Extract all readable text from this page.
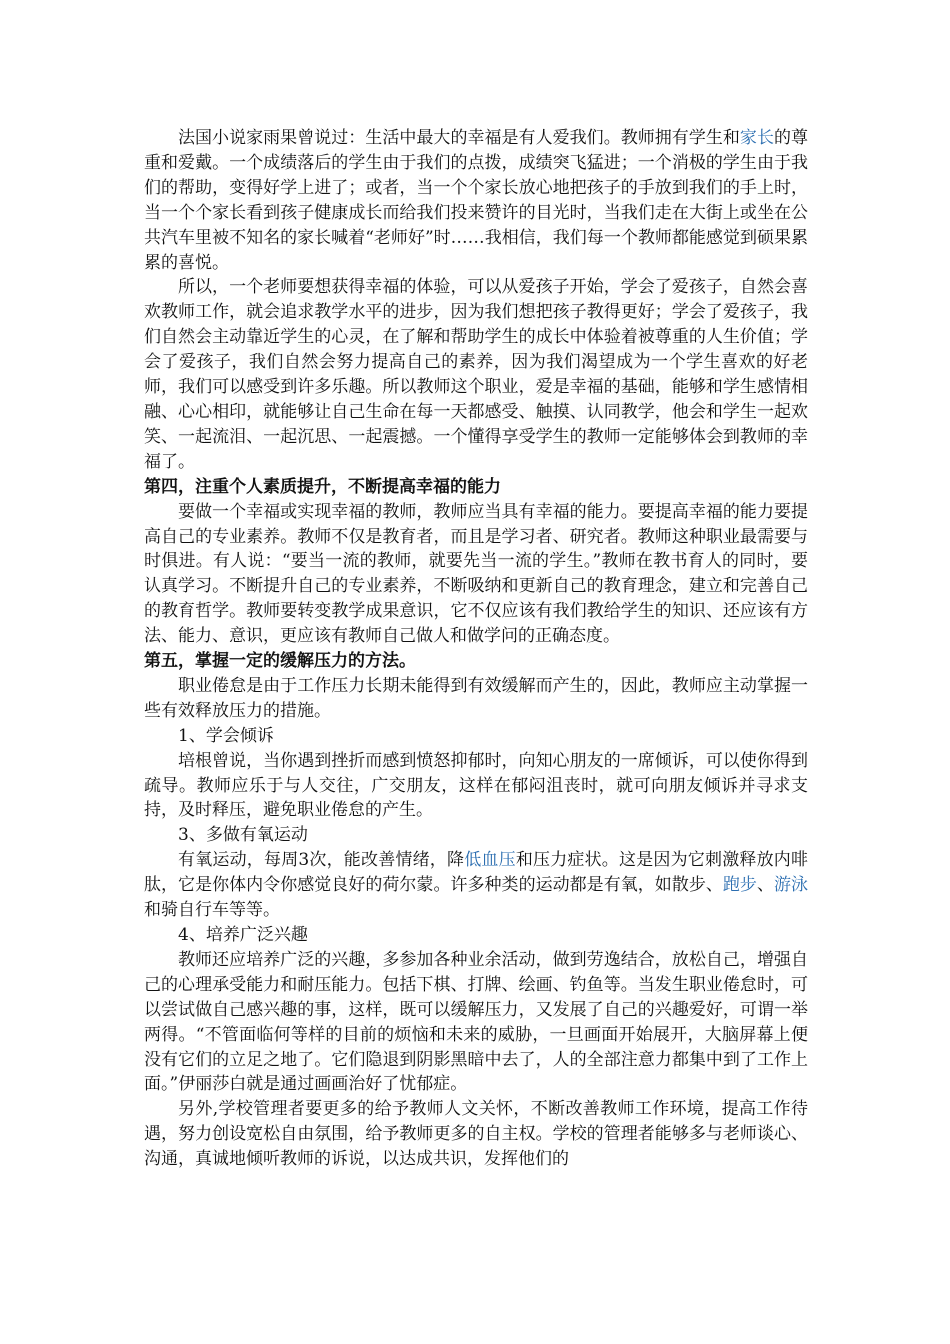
法国小说家雨果曾说过：生活中最大的幸福是有人爱我们。教师拥有学生和家长的尊重和爱戴。一个成绩落后的学生由于我们的点拨，成绩突飞猛进；一个消极的学生由于我们的帮助，变得好学上进了；或者，当一个个家长放心地把孩子的手放到我们的手上时，当一个个家长看到孩子健康成长而给我们投来赞许的目光时，当我们走在大街上或坐在公共汽车里被不知名的家长喊着“老师好”时……我相信，我们每一个教师都能感觉到硕果累累的喜悦。

所以，一个老师要想获得幸福的体验，可以从爱孩子开始，学会了爱孩子，自然会喜欢教师工作，就会追求教学水平的进步，因为我们想把孩子教得更好；学会了爱孩子，我们自然会主动靠近学生的心灵，在了解和帮助学生的成长中体验着被尊重的人生价值；学会了爱孩子，我们自然会努力提高自己的素养，因为我们渴望成为一个学生喜欢的好老师，我们可以感受到许多乐趣。所以教师这个职业，爱是幸福的基础，能够和学生感情相融、心心相印，就能够让自己生命在每一天都感受、触摸、认同教学，他会和学生一起欢笑、一起流泪、一起沉思、一起震撼。一个懂得享受学生的教师一定能够体会到教师的幸福了。

第四，注重个人素质提升，不断提高幸福的能力

要做一个幸福或实现幸福的教师，教师应当具有幸福的能力。要提高幸福的能力要提高自己的专业素养。教师不仅是教育者，而且是学习者、研究者。教师这种职业最需要与时俱进。有人说：“要当一流的教师，就要先当一流的学生。”教师在教书育人的同时，要认真学习。不断提升自己的专业素养，不断吸纳和更新自己的教育理念，建立和完善自己的教育哲学。教师要转变教学成果意识，它不仅应该有我们教给学生的知识、还应该有方法、能力、意识，更应该有教师自己做人和做学问的正确态度。

第五，掌握一定的缓解压力的方法。

职业倦怠是由于工作压力长期未能得到有效缓解而产生的，因此，教师应主动掌握一些有效释放压力的措施。

1、学会倾诉

培根曾说，当你遇到挫折而感到愤怒抑郁时，向知心朋友的一席倾诉，可以使你得到疏导。教师应乐于与人交往，广交朋友，这样在郁闷沮丧时，就可向朋友倾诉并寻求支持，及时释压，避免职业倦怠的产生。

3、多做有氧运动

有氧运动，每周3次，能改善情绪，降低血压和压力症状。这是因为它刺激释放内啡肽，它是你体内令你感觉良好的荷尔蒙。许多种类的运动都是有氧，如散步、跑步、游泳和骑自行车等等。

4、培养广泛兴趣

教师还应培养广泛的兴趣，多参加各种业余活动，做到劳逸结合，放松自己，增强自己的心理承受能力和耐压能力。包括下棋、打牌、绘画、钓鱼等。当发生职业倦怠时，可以尝试做自己感兴趣的事，这样，既可以缓解压力，又发展了自己的兴趣爱好，可谓一举两得。“不管面临何等样的目前的烦恼和未来的威胁，一旦画面开始展开，大脑屏幕上便没有它们的立足之地了。它们隐退到阴影黑暗中去了，人的全部注意力都集中到了工作上面。”伊丽莎白就是通过画画治好了忧郁症。

另外,学校管理者要更多的给予教师人文关怀，不断改善教师工作环境，提高工作待遇，努力创设宽松自由氛围，给予教师更多的自主权。学校的管理者能够多与老师谈心、沟通，真诚地倾听教师的诉说，以达成共识，发挥他们的
